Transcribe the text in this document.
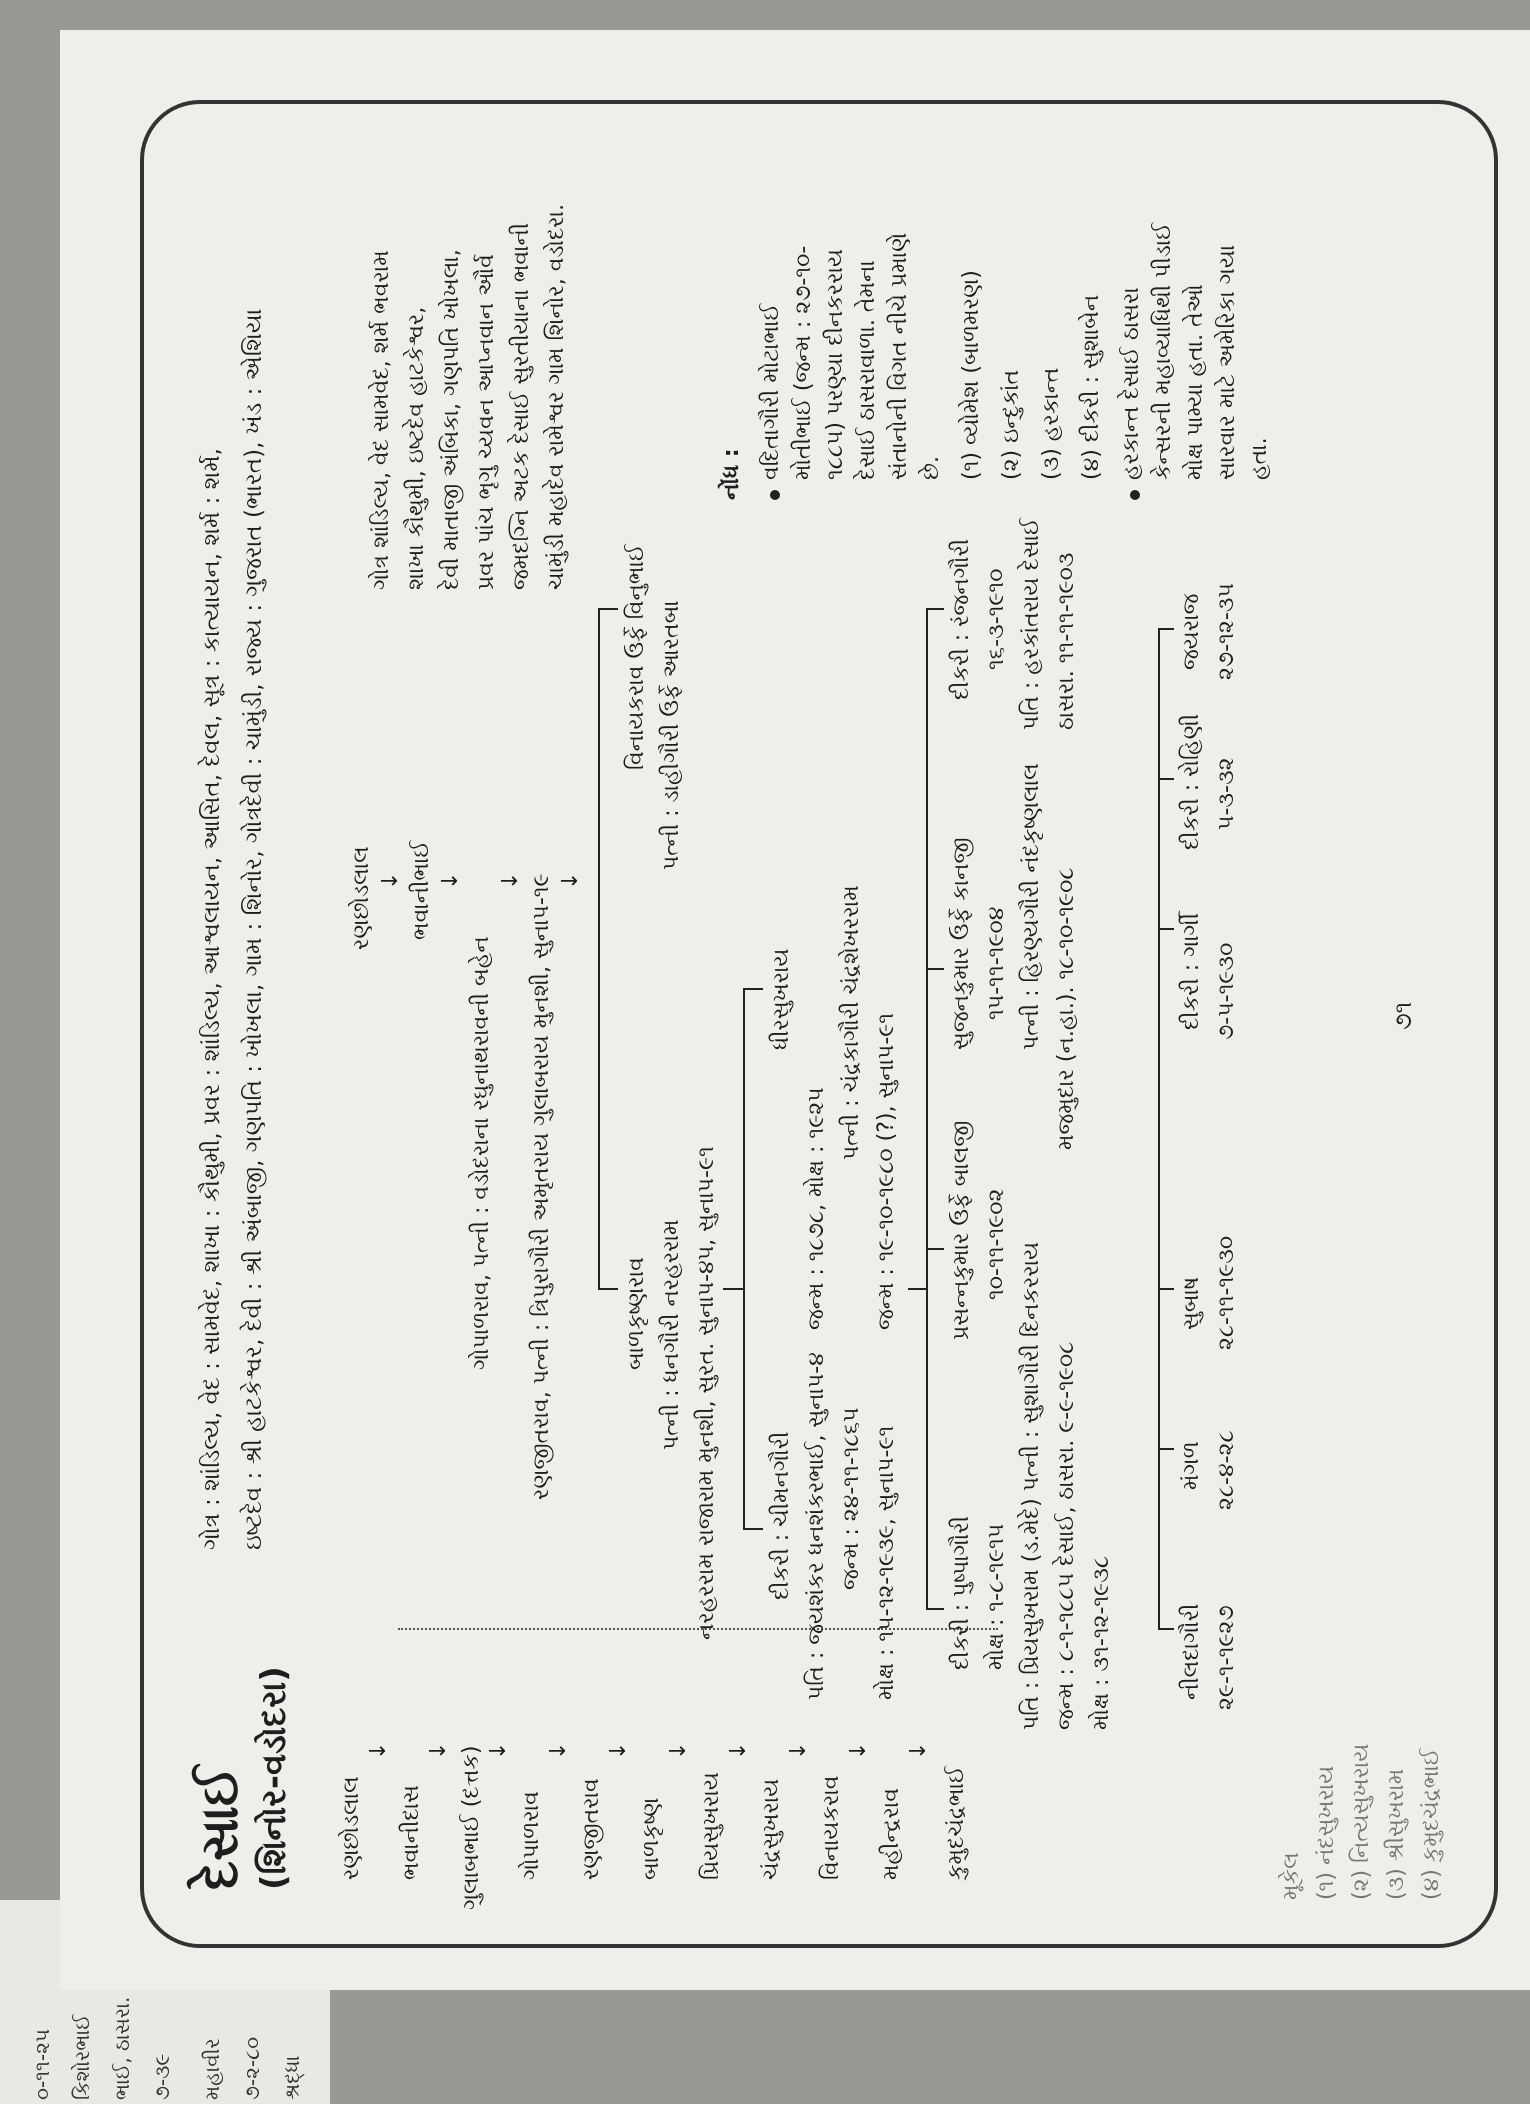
૦-૧૧-૨૫ કિશોરભાઈ ભાઈ, ઠાસરા. ૭-૩૯ મહાવીર ૭-૨-૮૦ શ્રદ્ધા
દેસાઈ (શિનોર-વડોદરા)
ગોત્ર : શાંડિલ્ય, વેદ : સામવેદ, શાખા : કૌથુમી, પ્રવર : શાંડિલ્ય, આશ્વલાયન, આસિત, દેવલ, સૂત્ર : કાત્યાયન, શર્મ : શર્મ, ઇષ્ટદેવ : શ્રી હાટકેશ્વર, દેવી : શ્રી અંબાજી, ગણપતિ : ખોખલા, ગામ : શિનોર, ગોત્રદેવી : ચામુંડી, રાજ્ય : ગુજરાત (ભારત), ખંડ : એશિયા
રણછોડલાલ
↓
ભવાનીદાસ
↓ ગુલાબભાઈ (દત્તક) ↓
ગોપાળરાવ
↓
રણજીતરાવ
↓
બાળકૃષ્ણ
↓
પ્રિયસુખરાય
↓
ચંદ્રસુખરાય
↓
વિનાયકરાવ
↓
મહીન્દ્રરાવ
↓
કુમુદચંદ્રભાઈ
રણછોડલાલ ↓ ભવાનીભાઈ ↓
ગોપાળરાવ, પત્ની : વડોદરાના રઘુનાથરાવની બહેન
↓ રણજીતરાવ, પત્ની : ત્રિપુરાગૌરી અમૃતરાય ગુલાબરાય મુનશી, સુનાપ-૧૯ ↓
બાળકૃષ્ણરાવ પત્ની : ધનગૌરી નરહરરામ નરહરરામ રાજારામ મુનશી, સુરત. સુનાપ-૪૫, સુનાપ-૯૧
વિનાયકરાવ ઉર્ફે વિનુભાઈ પત્ની : ડાહીગૌરી ઉર્ફે આરતબા
દીકરી : ચીમનગૌરી પતિ : જયશંકર ધનશંકરભાઈ, સુનાપ-૪ જન્મ : ૨૪-૧૧-૧૮૬૫
ધીરસુખરાય
જન્મ : ૧૮૭૮, મોક્ષ : ૧૯૨૫
પત્ની : ચંદ્રકાગૌરી ચંદ્રશેખરરામ
મોક્ષ : ૧૫-૧૨-૧૯૩૯, સુનાપ-૯૧
જન્મ : ૧૯-૧૦-૧૯૮૦ (?), સુનાપ-૯૧
દીકરી : પુષ્પાગૌરી મોક્ષ : ૧-૮-૧૯૧૫ પતિ : પ્રિયસુખરામ (ડ.મેદે) પત્ની : સુશાગૌરી દિનકરરાય જન્મ : ૮-૧-૧૮૮૫ દેસાઈ, ઠાસરા. ૯-૯-૧૯૦૮ મોક્ષ : ૩૧-૧૨-૧૯૩૮
પ્રસન્નકુમાર ઉર્ફે બાલજી ૧૦-૧૧-૧૯૦૨
સુજનકુમાર ઉર્ફે કાનજી ૧૫-૧૧-૧૯૦૪ પત્ની : હિરણ્યગૌરી નંદકૃષ્ણલાલ મજમુદાર (ન.હા.). ૧૮-૧૦-૧૯૦૮
દીકરી : રંજનગૌરી ૧૬-૩-૧૯૧૦ પતિ : હરકાંતરાય દેસાઈ ઠાસરા. ૧૧-૧૧-૧૯૦૩
નીલદાગૌરી ૨૯-૧-૧૯૨૭
મંગળ ૨૮-૪-૨૮
સુબાષ ૨૮-૧૧-૧૯૩૦
દીકરી : ગાર્ગી ૭-૫-૧૯૩૦
દીકરી : રોહિણી ૫-૩-૩૨
જયરાજ ૨૭-૧૨-૩૫
ગોત્ર શાંડિલ્ય, વેદ સામવેદ, શર્મ ભવરામ શાખા કૌથુમી, ઇષ્ટદેવ હાટકેશ્વર, દેવી માતાજી અંબિકા, ગણપતિ ખોખલા, પ્રવર પાંચ ભૃગુ ચ્યવન આપ્નવાન ઔર્વ જમદગ્નિ અટક દેસાઈ સુરતીયાના ભવાની ચામુંડી મહાદેવ રામેશ્વર ગામ શિનોર, વડોદરા.	નોંધ : વદિતાગૌરી મોટાભાઈ મોતીભાઈ (જન્મ : ૨૭-૧૦- ૧૮૮૫) પરણ્યા દીનકરરાય દેસાઈ ઠાસરાવાળા. તેમના સંતાનોની વિગત નીચે પ્રમાણે છે. (૧) વ્યોમેશ (બાળમરણ) (૨) ઇન્દુકાંત (૩) હરકાન્ત (૪) દીકરી : સુશાબેન હરકાન્ત દેસાઈ ઠાસરા કેન્સરની મહાવ્યાધિથી પીડાઈ મોક્ષ પામ્યા હતા. તેઓ સારવાર માટે અમેરિકા ગયા હતા.
મૂકેલ (૧) નંદસુખરાય (૨) નિત્યસુખરાય (૩) શ્રીસુખરામ (૪) કુમુદચંદ્રભાઈ
૭૧
